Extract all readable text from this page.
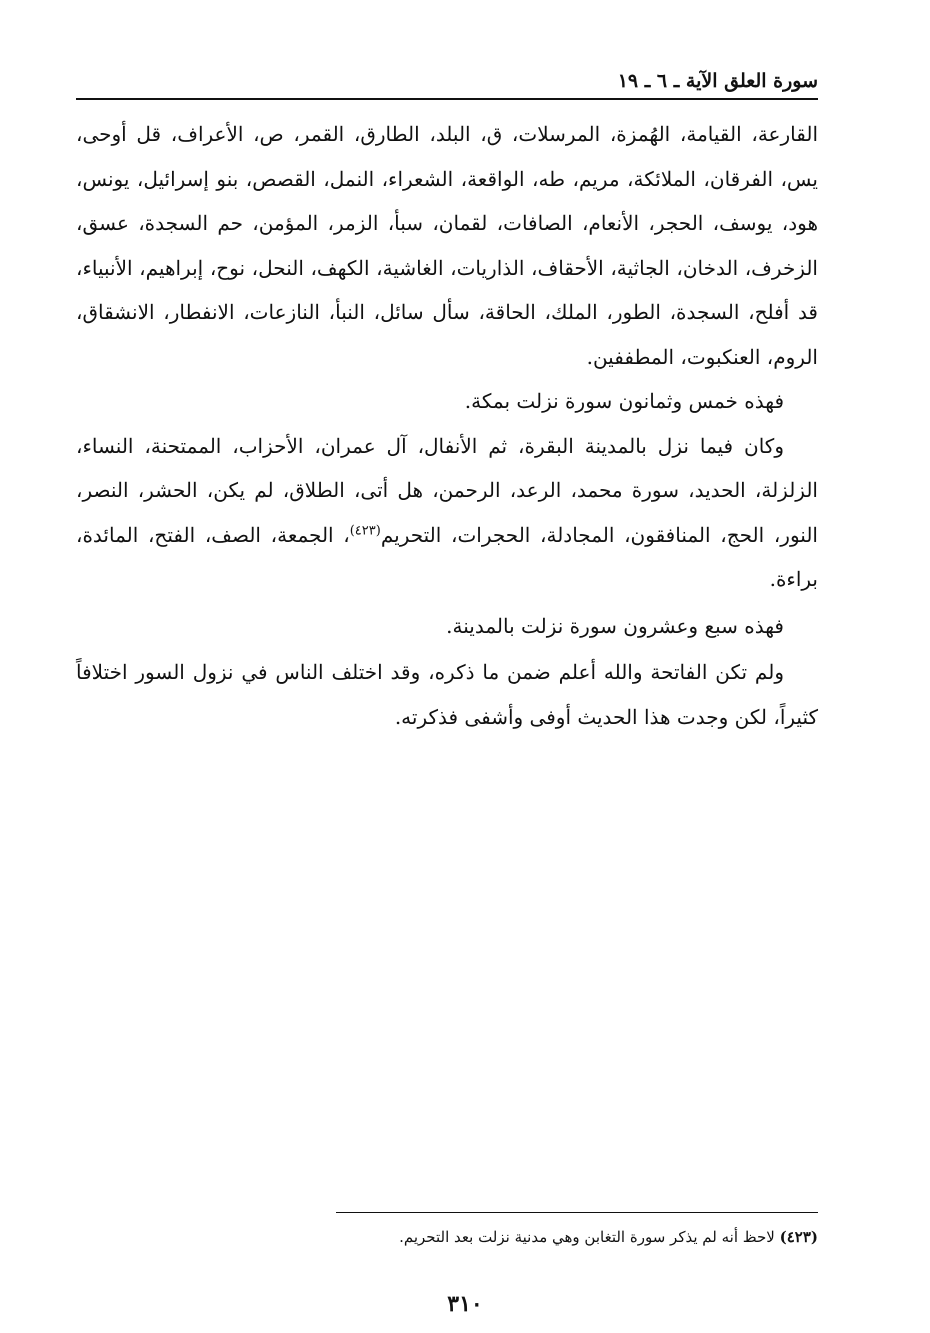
سورة العلق الآية ـ ٦ ـ ١٩

القارعة، القيامة، الهُمزة، المرسلات، ق، البلد، الطارق، القمر، ص، الأعراف، قل أوحى، يس، الفرقان، الملائكة، مريم، طه، الواقعة، الشعراء، النمل، القصص، بنو إسرائيل، يونس، هود، يوسف، الحجر، الأنعام، الصافات، لقمان، سبأ، الزمر، المؤمن، حم السجدة، عسق، الزخرف، الدخان، الجاثية، الأحقاف، الذاريات، الغاشية، الكهف، النحل، نوح، إبراهيم، الأنبياء، قد أفلح، السجدة، الطور، الملك، الحاقة، سأل سائل، النبأ، النازعات، الانفطار، الانشقاق، الروم، العنكبوت، المطففين.

فهذه خمس وثمانون سورة نزلت بمكة.

وكان فيما نزل بالمدينة البقرة، ثم الأنفال، آل عمران، الأحزاب، الممتحنة، النساء، الزلزلة، الحديد، سورة محمد، الرعد، الرحمن، هل أتى، الطلاق، لم يكن، الحشر، النصر، النور، الحج، المنافقون، المجادلة، الحجرات، التحريم$^{(٤٢٣)}$، الجمعة، الصف، الفتح، المائدة، براءة.

فهذه سبع وعشرون سورة نزلت بالمدينة.

ولم تكن الفاتحة والله أعلم ضمن ما ذكره، وقد اختلف الناس في نزول السور اختلافاً كثيراً، لكن وجدت هذا الحديث أوفى وأشفى فذكرته.

(٤٢٣) لاحظ أنه لم يذكر سورة التغابن وهي مدنية نزلت بعد التحريم.
٣١٠
